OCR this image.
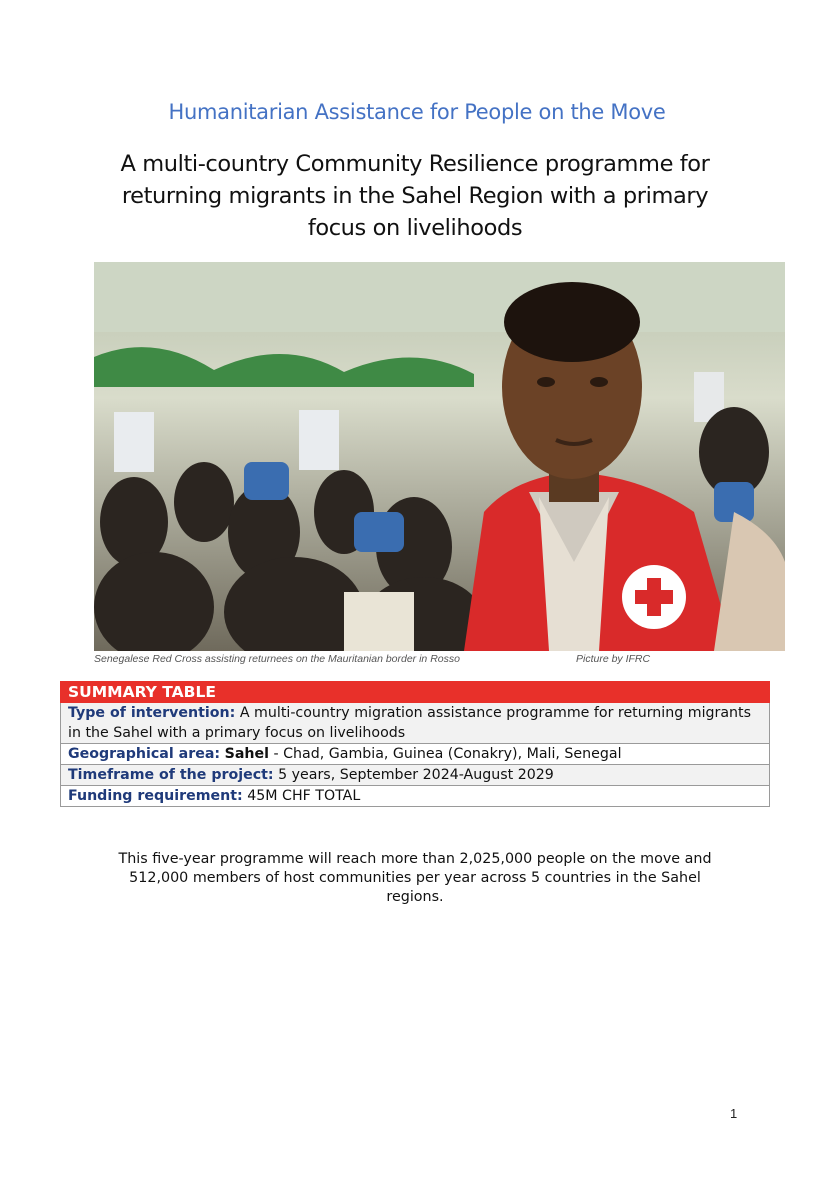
Humanitarian Assistance for People on the Move
A multi-country Community Resilience programme for returning migrants in the Sahel Region with a primary focus on livelihoods
Senegalese Red Cross assisting returnees on the Mauritanian border in Rosso	Picture by IFRC
SUMMARY TABLE
Type of intervention: A multi-country migration assistance programme for returning migrants in the Sahel with a primary focus on livelihoods
Geographical area: Sahel - Chad, Gambia, Guinea (Conakry), Mali, Senegal
Timeframe of the project: 5 years, September 2024-August 2029
Funding requirement: 45M CHF TOTAL
This five-year programme will reach more than 2,025,000 people on the move and 512,000 members of host communities per year across 5 countries in the Sahel regions.
1
